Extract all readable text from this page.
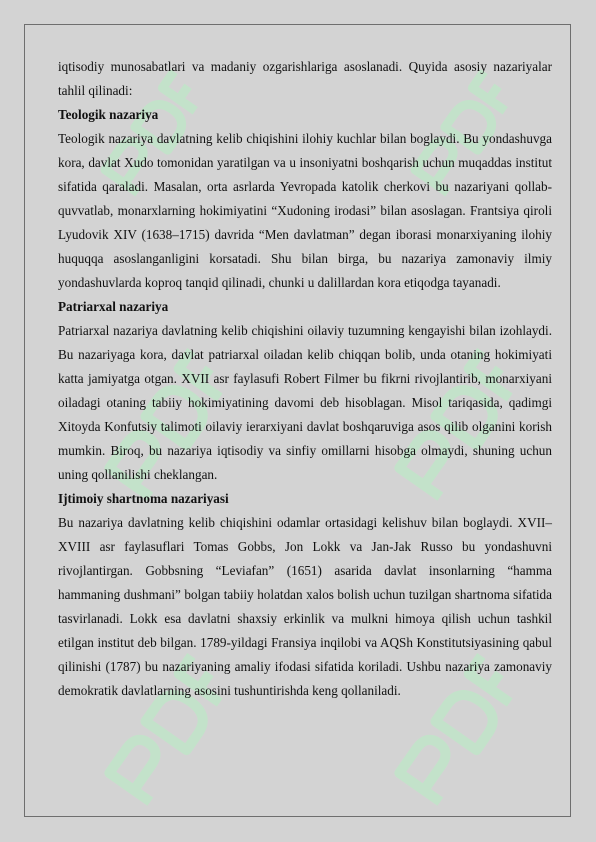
iqtisodiy munosabatlari va madaniy ozgarishlariga asoslanadi. Quyida asosiy nazariyalar tahlil qilinadi:

Teologik nazariya

Teologik nazariya davlatning kelib chiqishini ilohiy kuchlar bilan boglaydi. Bu yondashuvga kora, davlat Xudo tomonidan yaratilgan va u insoniyatni boshqarish uchun muqaddas institut sifatida qaraladi. Masalan, orta asrlarda Yevropada katolik cherkovi bu nazariyani qollab-quvvatlab, monarxlarning hokimiyatini “Xudoning irodasi” bilan asoslagan. Frantsiya qiroli Lyudovik XIV (1638–1715) davrida “Men davlatman” degan iborasi monarxiyaning ilohiy huquqqa asoslanganligini korsatadi. Shu bilan birga, bu nazariya zamonaviy ilmiy yondashuvlarda koproq tanqid qilinadi, chunki u dalillardan kora etiqodga tayanadi.

Patriarxal nazariya

Patriarxal nazariya davlatning kelib chiqishini oilaviy tuzumning kengayishi bilan izohlaydi. Bu nazariyaga kora, davlat patriarxal oiladan kelib chiqqan bolib, unda otaning hokimiyati katta jamiyatga otgan. XVII asr faylasufi Robert Filmer bu fikrni rivojlantirib, monarxiyani oiladagi otaning tabiiy hokimiyatining davomi deb hisoblagan. Misol tariqasida, qadimgi Xitoyda Konfutsiy talimoti oilaviy ierarxiyani davlat boshqaruviga asos qilib olganini korish mumkin. Biroq, bu nazariya iqtisodiy va sinfiy omillarni hisobga olmaydi, shuning uchun uning qollanilishi cheklangan.

Ijtimoiy shartnoma nazariyasi

Bu nazariya davlatning kelib chiqishini odamlar ortasidagi kelishuv bilan boglaydi. XVII–XVIII asr faylasuflari Tomas Gobbs, Jon Lokk va Jan-Jak Russo bu yondashuvni rivojlantirgan. Gobbsning “Leviafan” (1651) asarida davlat insonlarning “hamma hammaning dushmani” bolgan tabiiy holatdan xalos bolish uchun tuzilgan shartnoma sifatida tasvirlanadi. Lokk esa davlatni shaxsiy erkinlik va mulkni himoya qilish uchun tashkil etilgan institut deb bilgan. 1789-yildagi Fransiya inqilobi va AQSh Konstitutsiyasining qabul qilinishi (1787) bu nazariyaning amaliy ifodasi sifatida koriladi. Ushbu nazariya zamonaviy demokratik davlatlarning asosini tushuntirishda keng qollaniladi.
